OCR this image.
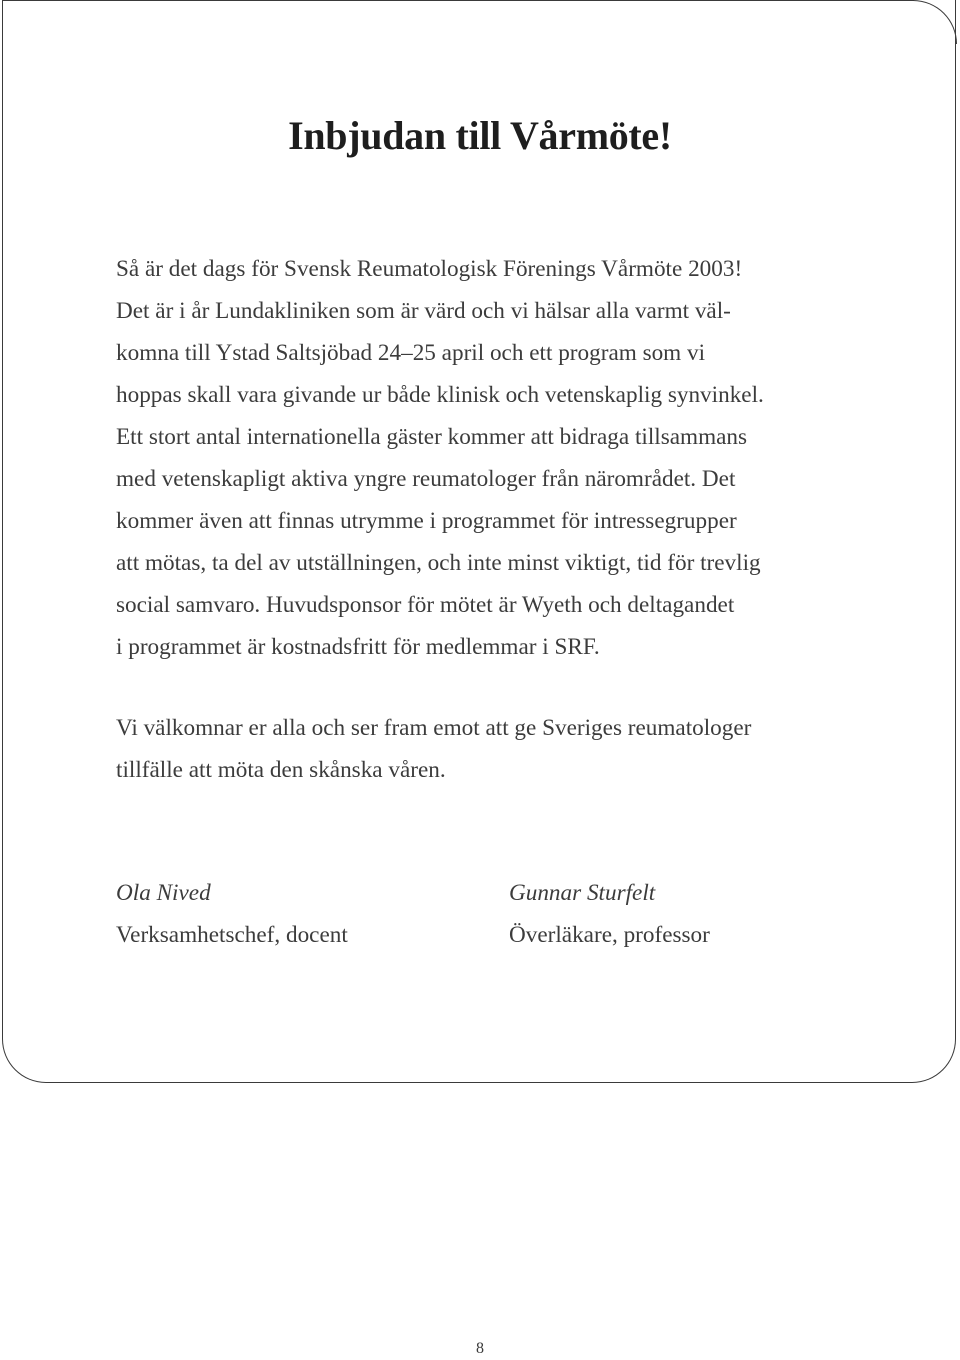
Inbjudan till Vårmöte!

Så är det dags för Svensk Reumatologisk Förenings Vårmöte 2003!
Det är i år Lundakliniken som är värd och vi hälsar alla varmt väl-
komna till Ystad Saltsjöbad 24–25 april och ett program som vi
hoppas skall vara givande ur både klinisk och vetenskaplig synvinkel.
Ett stort antal internationella gäster kommer att bidraga tillsammans
med vetenskapligt aktiva yngre reumatologer från närområdet. Det
kommer även att finnas utrymme i programmet för intressegrupper
att mötas, ta del av utställningen, och inte minst viktigt, tid för trevlig
social samvaro. Huvudsponsor för mötet är Wyeth och deltagandet
i programmet är kostnadsfritt för medlemmar i SRF.

Vi välkomnar er alla och ser fram emot att ge Sveriges reumatologer
tillfälle att möta den skånska våren.

Ola Nived
Verksamhetschef, docent
Gunnar Sturfelt
Överläkare, professor
8
